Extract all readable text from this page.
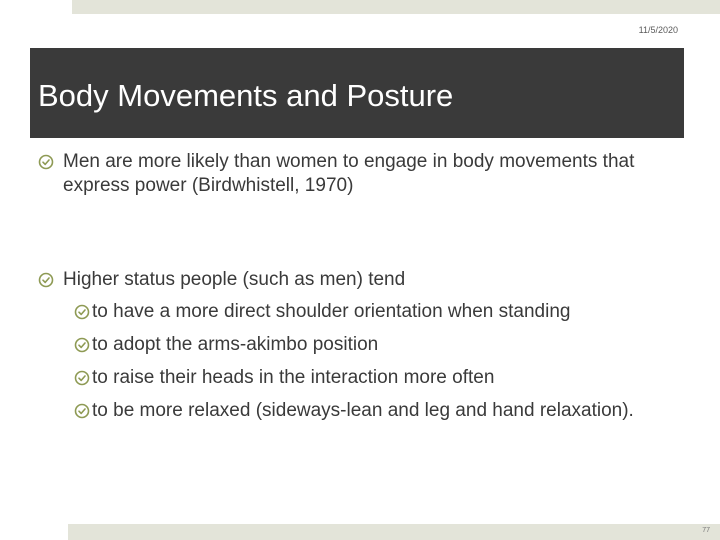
11/5/2020
Body Movements and Posture
Men are more likely than women to engage in body movements that express power (Birdwhistell, 1970)
Higher status people (such as men) tend
to have a more direct shoulder orientation when standing
to adopt the arms-akimbo position
to raise their heads in the interaction more often
to be more relaxed (sideways-lean and leg and hand relaxation).
77
